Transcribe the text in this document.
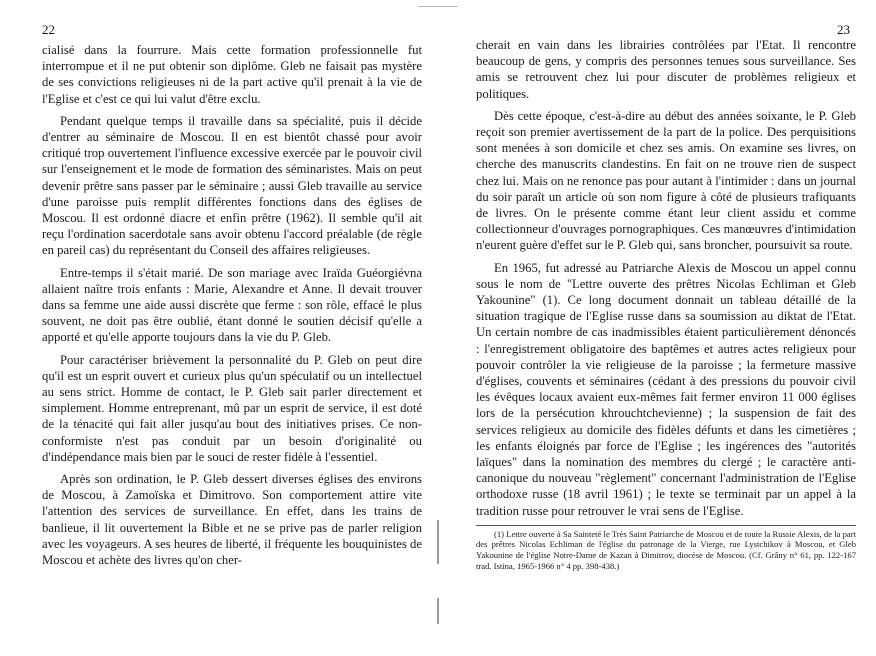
22

cialisé dans la fourrure. Mais cette formation professionnelle fut interrompue et il ne put obtenir son diplôme. Gleb ne faisait pas mystère de ses convictions religieuses ni de la part active qu'il prenait à la vie de l'Eglise et c'est ce qui lui valut d'être exclu.

Pendant quelque temps il travaille dans sa spécialité, puis il décide d'entrer au séminaire de Moscou. Il en est bientôt chassé pour avoir critiqué trop ouvertement l'influence excessive exercée par le pouvoir civil sur l'enseignement et le mode de formation des séminaristes. Mais on peut devenir prêtre sans passer par le séminaire ; aussi Gleb travaille au service d'une paroisse puis remplit différentes fonctions dans des églises de Moscou. Il est ordonné diacre et enfin prêtre (1962). Il semble qu'il ait reçu l'ordination sacerdotale sans avoir obtenu l'accord préalable (de règle en pareil cas) du représentant du Conseil des affaires religieuses.

Entre-temps il s'était marié. De son mariage avec Iraïda Guéorgiévna allaient naître trois enfants : Marie, Alexandre et Anne. Il devait trouver dans sa femme une aide aussi discrète que ferme : son rôle, effacé le plus souvent, ne doit pas être oublié, étant donné le soutien décisif qu'elle a apporté et qu'elle apporte toujours dans la vie du P. Gleb.

Pour caractériser brièvement la personnalité du P. Gleb on peut dire qu'il est un esprit ouvert et curieux plus qu'un spéculatif ou un intellectuel au sens strict. Homme de contact, le P. Gleb sait parler directement et simplement. Homme entreprenant, mû par un esprit de service, il est doté de la ténacité qui fait aller jusqu'au bout des initiatives prises. Ce non-conformiste n'est pas conduit par un besoin d'originalité ou d'indépendance mais bien par le souci de rester fidèle à l'essentiel.

Après son ordination, le P. Gleb dessert diverses églises des environs de Moscou, à Zamoïska et Dimitrovo. Son comportement attire vite l'attention des services de surveillance. En effet, dans les trains de banlieue, il lit ouvertement la Bible et ne se prive pas de parler religion avec les voyageurs. A ses heures de liberté, il fréquente les bouquinistes de Moscou et achète des livres qu'on cher-

23

cherait en vain dans les librairies contrôlées par l'Etat. Il rencontre beaucoup de gens, y compris des personnes tenues sous surveillance. Ses amis se retrouvent chez lui pour discuter de problèmes religieux et politiques.

Dès cette époque, c'est-à-dire au début des années soixante, le P. Gleb reçoit son premier avertissement de la part de la police. Des perquisitions sont menées à son domicile et chez ses amis. On examine ses livres, on cherche des manuscrits clandestins. En fait on ne trouve rien de suspect chez lui. Mais on ne renonce pas pour autant à l'intimider : dans un journal du soir paraît un article où son nom figure à côté de plusieurs trafiquants de livres. On le présente comme étant leur client assidu et comme collectionneur d'ouvrages pornographiques. Ces manœuvres d'intimidation n'eurent guère d'effet sur le P. Gleb qui, sans broncher, poursuivit sa route.

En 1965, fut adressé au Patriarche Alexis de Moscou un appel connu sous le nom de "Lettre ouverte des prêtres Nicolas Echliman et Gleb Yakounine" (1). Ce long document donnait un tableau détaillé de la situation tragique de l'Eglise russe dans sa soumission au diktat de l'Etat. Un certain nombre de cas inadmissibles étaient particulièrement dénoncés : l'enregistrement obligatoire des baptêmes et autres actes religieux pour pouvoir contrôler la vie religieuse de la paroisse ; la fermeture massive d'églises, couvents et séminaires (cédant à des pressions du pouvoir civil les évêques locaux avaient eux-mêmes fait fermer environ 11 000 églises lors de la persécution khrouchtchevienne) ; la suspension de fait des services religieux au domicile des fidèles défunts et dans les cimetières ; les enfants éloignés par force de l'Eglise ; les ingérences des "autorités laïques" dans la nomination des membres du clergé ; le caractère anti-canonique du nouveau "règlement" concernant l'administration de l'Eglise orthodoxe russe (18 avril 1961) ; le texte se terminait par un appel à la tradition russe pour retrouver le vrai sens de l'Eglise.

(1) Lettre ouverte à Sa Sainteté le Très Saint Patriarche de Moscou et de toute la Russie Alexis, de la part des prêtres Nicolas Echliman de l'église du patronage de la Vierge, rue Lystchikov à Moscou, et Gleb Yakounine de l'église Notre-Dame de Kazan à Dimitrov, diocèse de Moscou. (Cf. Grâny n° 61, pp. 122-167 trad. Istina, 1965-1966 n° 4 pp. 398-438.)
